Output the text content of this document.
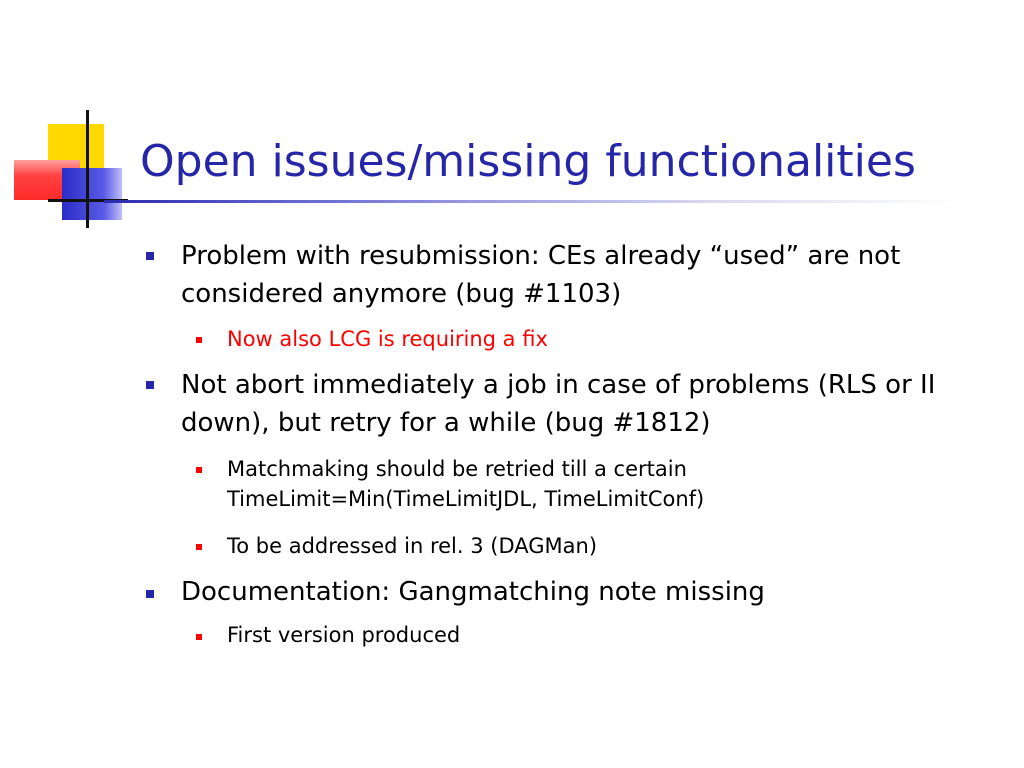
Open issues/missing functionalities
Problem with resubmission: CEs already “used” are not considered anymore (bug #1103)
Now also LCG is requiring a fix
Not abort immediately a job in case of problems (RLS or II down), but retry for a while (bug #1812)
Matchmaking should be retried till a certain TimeLimit=Min(TimeLimitJDL, TimeLimitConf)
To be addressed in rel. 3 (DAGMan)
Documentation: Gangmatching note missing
First version produced
